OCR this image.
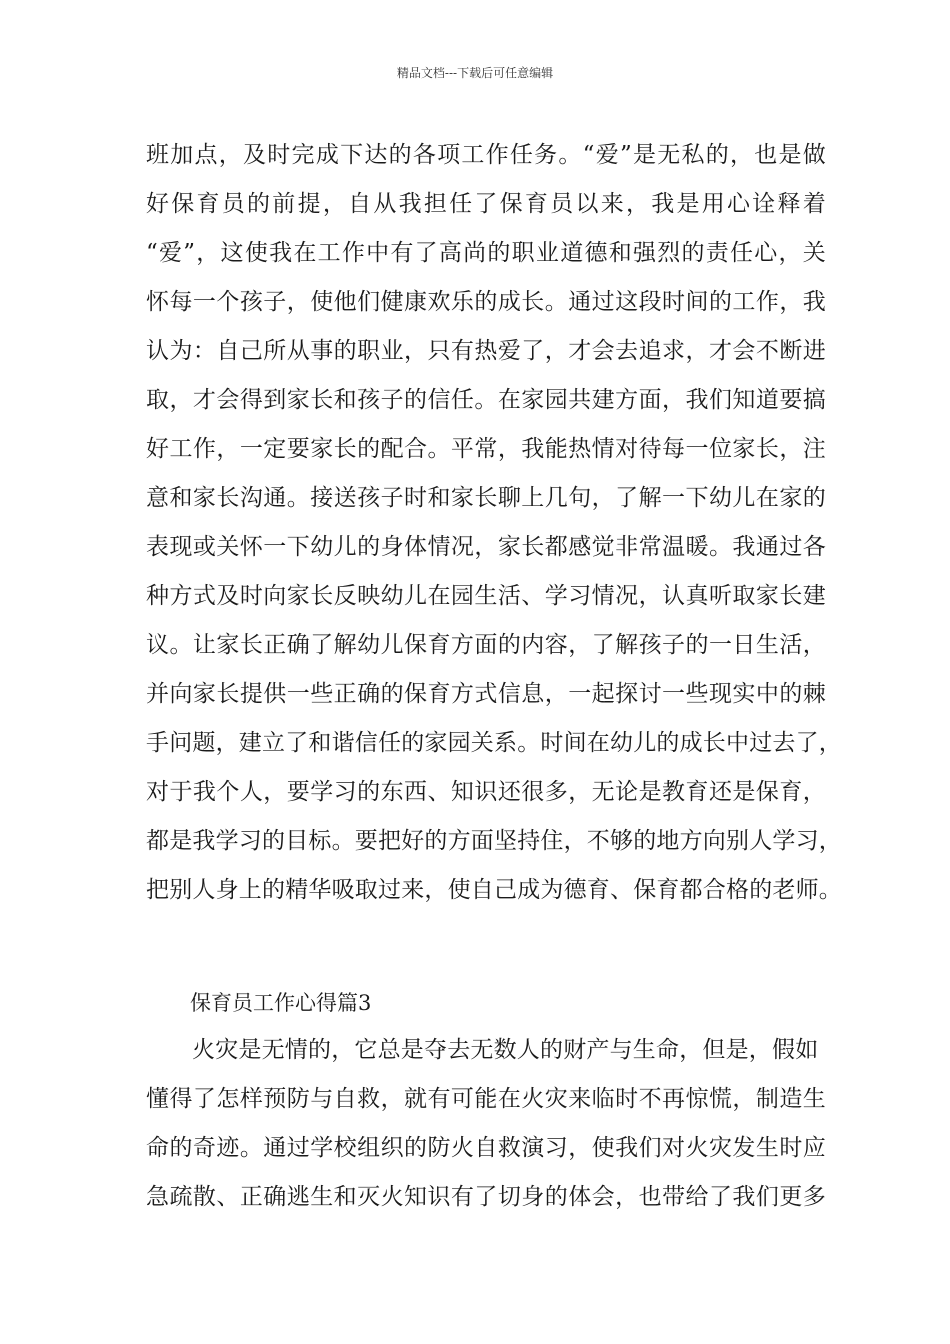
精品文档---下载后可任意编辑
班加点，及时完成下达的各项工作任务。“爱”是无私的，也是做
好保育员的前提，自从我担任了保育员以来，我是用心诠释着
“爱”，这使我在工作中有了高尚的职业道德和强烈的责任心，关
怀每一个孩子，使他们健康欢乐的成长。通过这段时间的工作，我
认为：自己所从事的职业，只有热爱了，才会去追求，才会不断进
取，才会得到家长和孩子的信任。在家园共建方面，我们知道要搞
好工作，一定要家长的配合。平常，我能热情对待每一位家长，注
意和家长沟通。接送孩子时和家长聊上几句，了解一下幼儿在家的
表现或关怀一下幼儿的身体情况，家长都感觉非常温暖。我通过各
种方式及时向家长反映幼儿在园生活、学习情况，认真听取家长建
议。让家长正确了解幼儿保育方面的内容，了解孩子的一日生活，
并向家长提供一些正确的保育方式信息，一起探讨一些现实中的棘
手问题，建立了和谐信任的家园关系。时间在幼儿的成长中过去了，
对于我个人，要学习的东西、知识还很多，无论是教育还是保育，
都是我学习的目标。要把好的方面坚持住，不够的地方向别人学习，
把别人身上的精华吸取过来，使自己成为德育、保育都合格的老师。
保育员工作心得篇3
火灾是无情的，它总是夺去无数人的财产与生命，但是，假如
懂得了怎样预防与自救，就有可能在火灾来临时不再惊慌，制造生
命的奇迹。通过学校组织的防火自救演习，使我们对火灾发生时应
急疏散、正确逃生和灭火知识有了切身的体会，也带给了我们更多
